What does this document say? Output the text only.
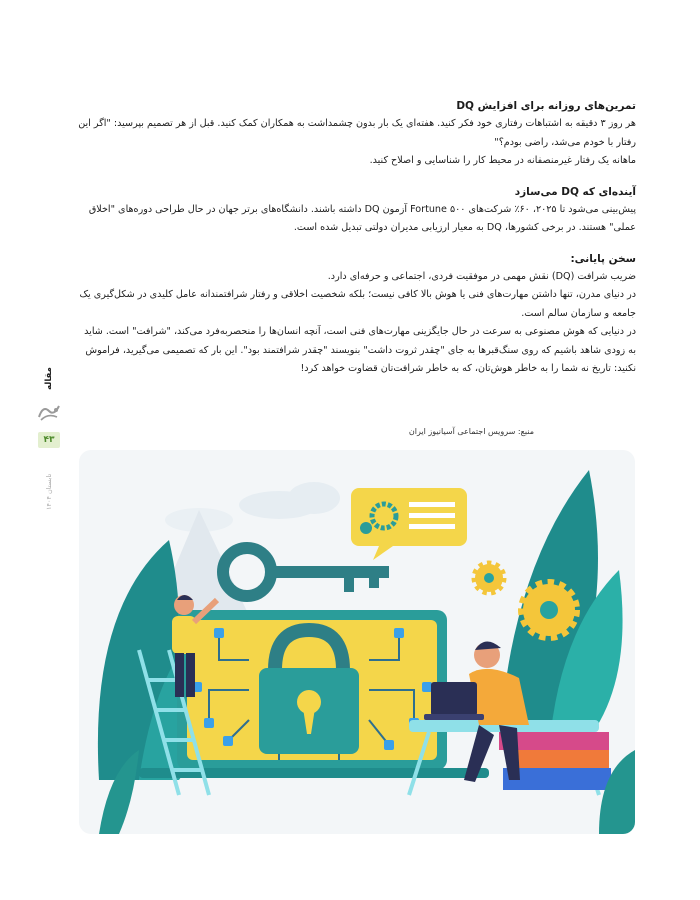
تمرین‌های روزانه برای افزایش DQ
هر روز ۳ دقیقه به اشتباهات رفتاری خود فکر کنید. هفته‌ای یک بار بدون چشمداشت به همکاران کمک کنید. قبل از هر تصمیم بپرسید: "اگر این رفتار با خودم می‌شد، راضی بودم؟"
ماهانه یک رفتار غیرمنصفانه در محیط کار را شناسایی و اصلاح کنید.
آینده‌ای که DQ می‌سازد
پیش‌بینی می‌شود تا ۲۰۲۵، ۶۰٪ شرکت‌های Fortune ۵۰۰ آزمون DQ داشته باشند. دانشگاه‌های برتر جهان در حال طراحی دوره‌های "اخلاق عملی" هستند. در برخی کشورها، DQ به معیار ارزیابی مدیران دولتی تبدیل شده است.
سخن پایانی:
ضریب شرافت (DQ) نقش مهمی در موفقیت فردی، اجتماعی و حرفه‌ای دارد.
در دنیای مدرن، تنها داشتن مهارت‌های فنی یا هوش بالا کافی نیست؛ بلکه شخصیت اخلاقی و رفتار شرافتمندانه عامل کلیدی در شکل‌گیری یک جامعه و سازمان سالم است.
در دنیایی که هوش مصنوعی به سرعت در حال جایگزینی مهارت‌های فنی است، آنچه انسان‌ها را منحصربه‌فرد می‌کند، "شرافت" است. شاید به زودی شاهد باشیم که روی سنگ‌قبرها به جای "چقدر ثروت داشت" بنویسند "چقدر شرافتمند بود". این بار که تصمیمی می‌گیرید، فراموش نکنید: تاریخ نه شما را به خاطر هوش‌تان، که به خاطر شرافت‌تان قضاوت خواهد کرد!
منبع: سرویس اجتماعی آسیانیوز ایران
مقاله
۴۳
تابستان ۱۴۰۴
